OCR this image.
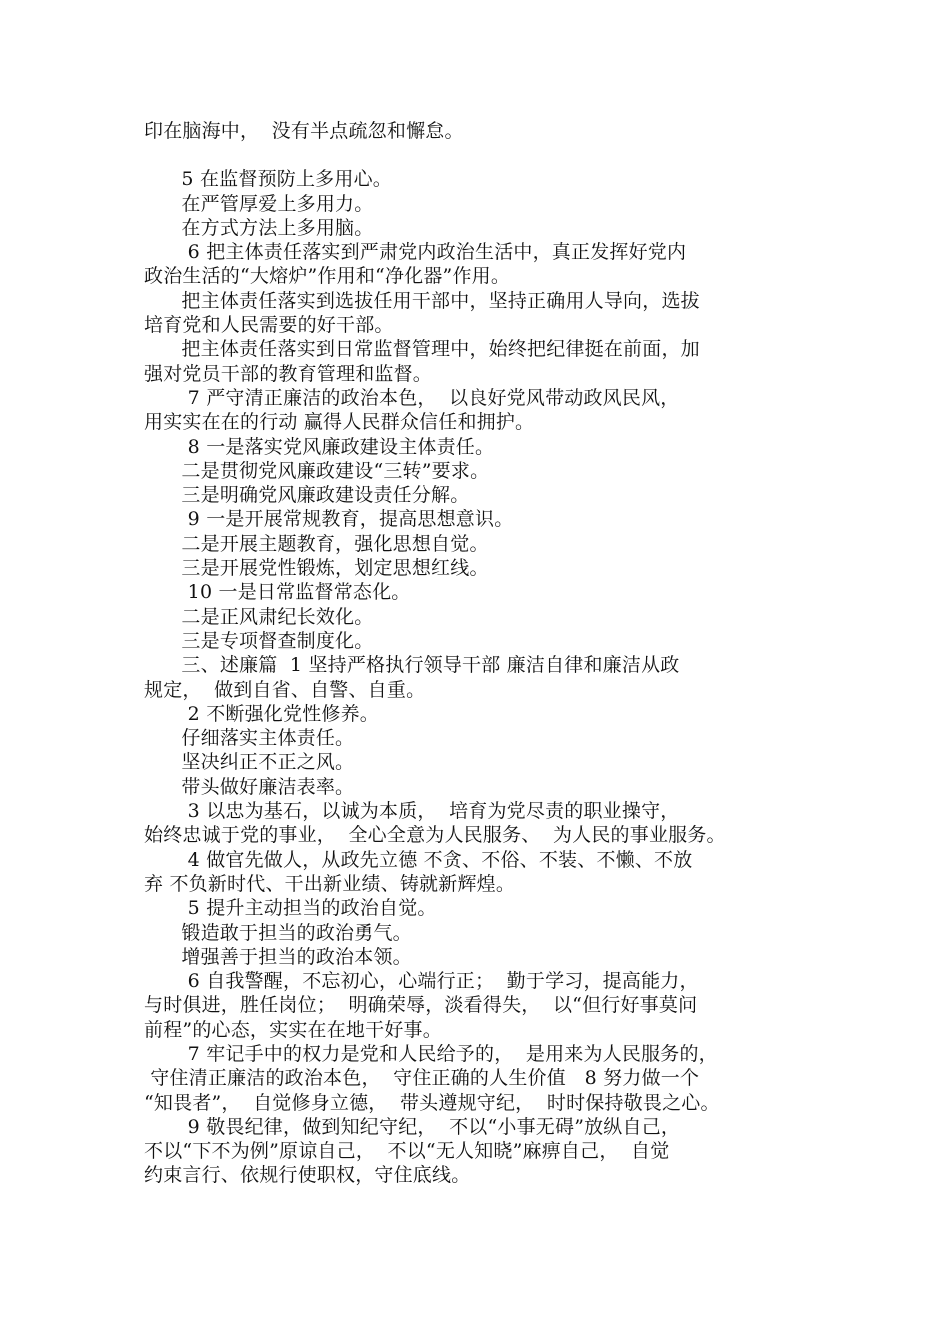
印在脑海中，  没有半点疏忽和懈怠。
5 在监督预防上多用心。
在严管厚爱上多用力。
在方式方法上多用脑。
6 把主体责任落实到严肃党内政治生活中，真正发挥好党内
政治生活的“大熔炉”作用和“净化器”作用。
把主体责任落实到选拔任用干部中，坚持正确用人导向，选拔
培育党和人民需要的好干部。
把主体责任落实到日常监督管理中，始终把纪律挺在前面，加
强对党员干部的教育管理和监督。
7 严守清正廉洁的政治本色，  以良好党风带动政风民风，
用实实在在的行动 赢得人民群众信任和拥护。
8 一是落实党风廉政建设主体责任。
二是贯彻党风廉政建设“三转”要求。
三是明确党风廉政建设责任分解。
9 一是开展常规教育，提高思想意识。
二是开展主题教育，强化思想自觉。
三是开展党性锻炼，划定思想红线。
10 一是日常监督常态化。
二是正风肃纪长效化。
三是专项督查制度化。
三、述廉篇  1 坚持严格执行领导干部 廉洁自律和廉洁从政
规定，  做到自省、自警、自重。
2 不断强化党性修养。
仔细落实主体责任。
坚决纠正不正之风。
带头做好廉洁表率。
3 以忠为基石，以诚为本质，  培育为党尽责的职业操守，
始终忠诚于党的事业，  全心全意为人民服务、  为人民的事业服务。
4 做官先做人，从政先立德 不贪、不俗、不装、不懒、不放
弃 不负新时代、干出新业绩、铸就新辉煌。
5 提升主动担当的政治自觉。
锻造敢于担当的政治勇气。
增强善于担当的政治本领。
6 自我警醒，不忘初心，心端行正；  勤于学习，提高能力，
与时俱进，胜任岗位；  明确荣辱，淡看得失，  以“但行好事莫问
前程”的心态，实实在在地干好事。
7 牢记手中的权力是党和人民给予的，  是用来为人民服务的，
守住清正廉洁的政治本色，  守住正确的人生价值   8 努力做一个
“知畏者”，  自觉修身立德，  带头遵规守纪，  时时保持敬畏之心。
9 敬畏纪律，做到知纪守纪，  不以“小事无碍”放纵自己，
不以“下不为例”原谅自己，  不以“无人知晓”麻痹自己，  自觉
约束言行、依规行使职权，守住底线。
